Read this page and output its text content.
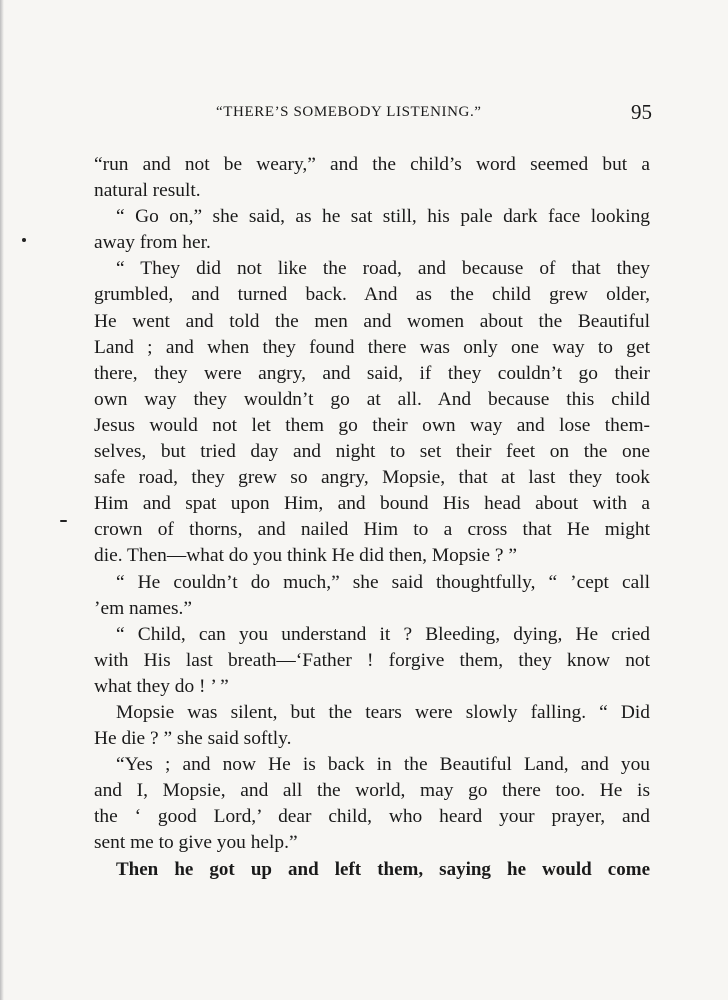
“THERE’S SOMEBODY LISTENING.”	95
“run and not be weary,” and the child’s word seemed but a
natural result.
“ Go on,” she said, as he sat still, his pale dark face looking
away from her.
“ They did not like the road, and because of that they
grumbled, and turned back. And as the child grew older,
He went and told the men and women about the Beautiful
Land ; and when they found there was only one way to get
there, they were angry, and said, if they couldn’t go their
own way they wouldn’t go at all. And because this child
Jesus would not let them go their own way and lose them-
selves, but tried day and night to set their feet on the one
safe road, they grew so angry, Mopsie, that at last they took
Him and spat upon Him, and bound His head about with a
crown of thorns, and nailed Him to a cross that He might
die. Then—what do you think He did then, Mopsie ? ”
“ He couldn’t do much,” she said thoughtfully, “ ’cept call
’em names.”
“ Child, can you understand it ? Bleeding, dying, He cried
with His last breath—‘Father ! forgive them, they know not
what they do ! ’ ”
Mopsie was silent, but the tears were slowly falling. “ Did
He die ? ” she said softly.
“Yes ; and now He is back in the Beautiful Land, and you
and I, Mopsie, and all the world, may go there too. He is
the ‘ good Lord,’ dear child, who heard your prayer, and
sent me to give you help.”
Then he got up and left them, saying he would come
